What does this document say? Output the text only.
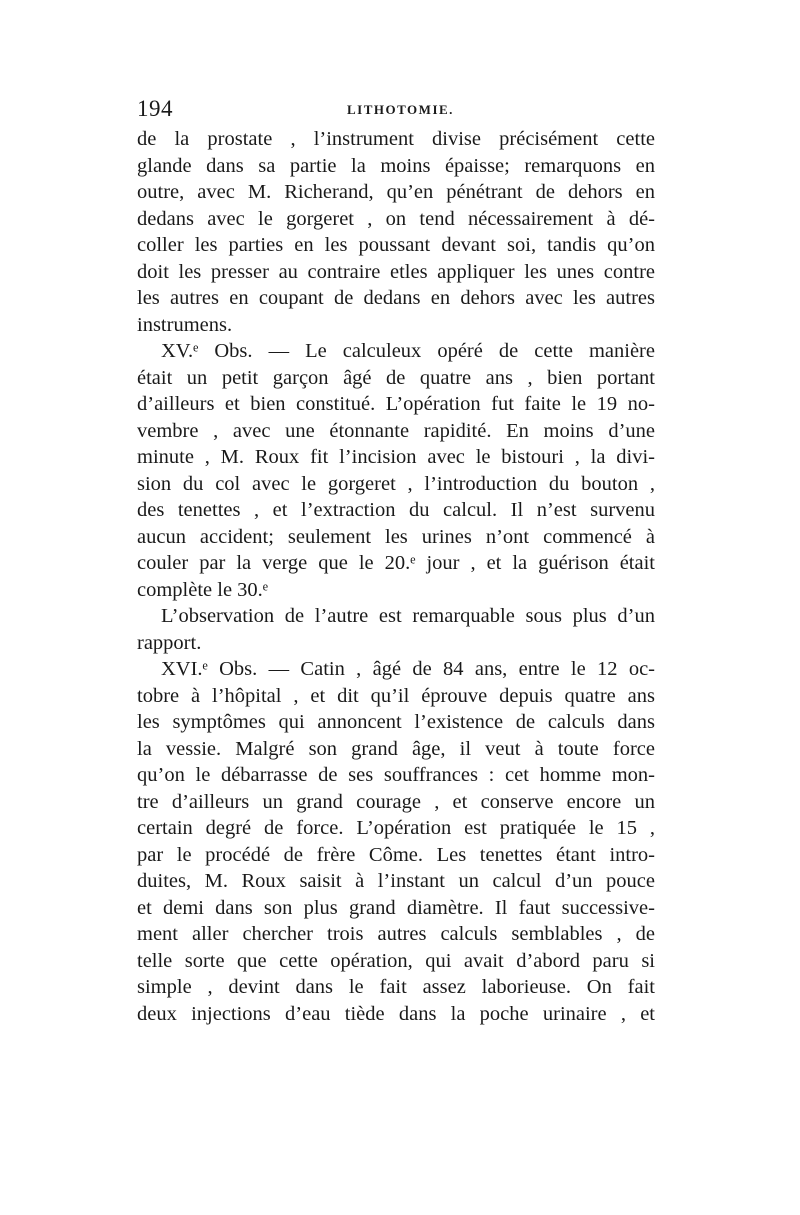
194	LITHOTOMIE.
de la prostate , l’instrument divise précisément cette
glande dans sa partie la moins épaisse; remarquons en
outre, avec M. Richerand, qu’en pénétrant de dehors en
dedans avec le gorgeret , on tend nécessairement à dé-
coller les parties en les poussant devant soi, tandis qu’on
doit les presser au contraire etles appliquer les unes contre
les autres en coupant de dedans en dehors avec les autres
instrumens.
XV.ᵉ Obs. — Le calculeux opéré de cette manière
était un petit garçon âgé de quatre ans , bien portant
d’ailleurs et bien constitué. L’opération fut faite le 19 no-
vembre , avec une étonnante rapidité. En moins d’une
minute , M. Roux fit l’incision avec le bistouri , la divi-
sion du col avec le gorgeret , l’introduction du bouton ,
des tenettes , et l’extraction du calcul. Il n’est survenu
aucun accident; seulement les urines n’ont commencé à
couler par la verge que le 20.ᵉ jour , et la guérison était
complète le 30.ᵉ
L’observation de l’autre est remarquable sous plus d’un
rapport.
XVI.ᵉ Obs. — Catin , âgé de 84 ans, entre le 12 oc-
tobre à l’hôpital , et dit qu’il éprouve depuis quatre ans
les symptômes qui annoncent l’existence de calculs dans
la vessie. Malgré son grand âge, il veut à toute force
qu’on le débarrasse de ses souffrances : cet homme mon-
tre d’ailleurs un grand courage , et conserve encore un
certain degré de force. L’opération est pratiquée le 15 ,
par le procédé de frère Côme. Les tenettes étant intro-
duites, M. Roux saisit à l’instant un calcul d’un pouce
et demi dans son plus grand diamètre. Il faut successive-
ment aller chercher trois autres calculs semblables , de
telle sorte que cette opération, qui avait d’abord paru si
simple , devint dans le fait assez laborieuse. On fait
deux injections d’eau tiède dans la poche urinaire , et
